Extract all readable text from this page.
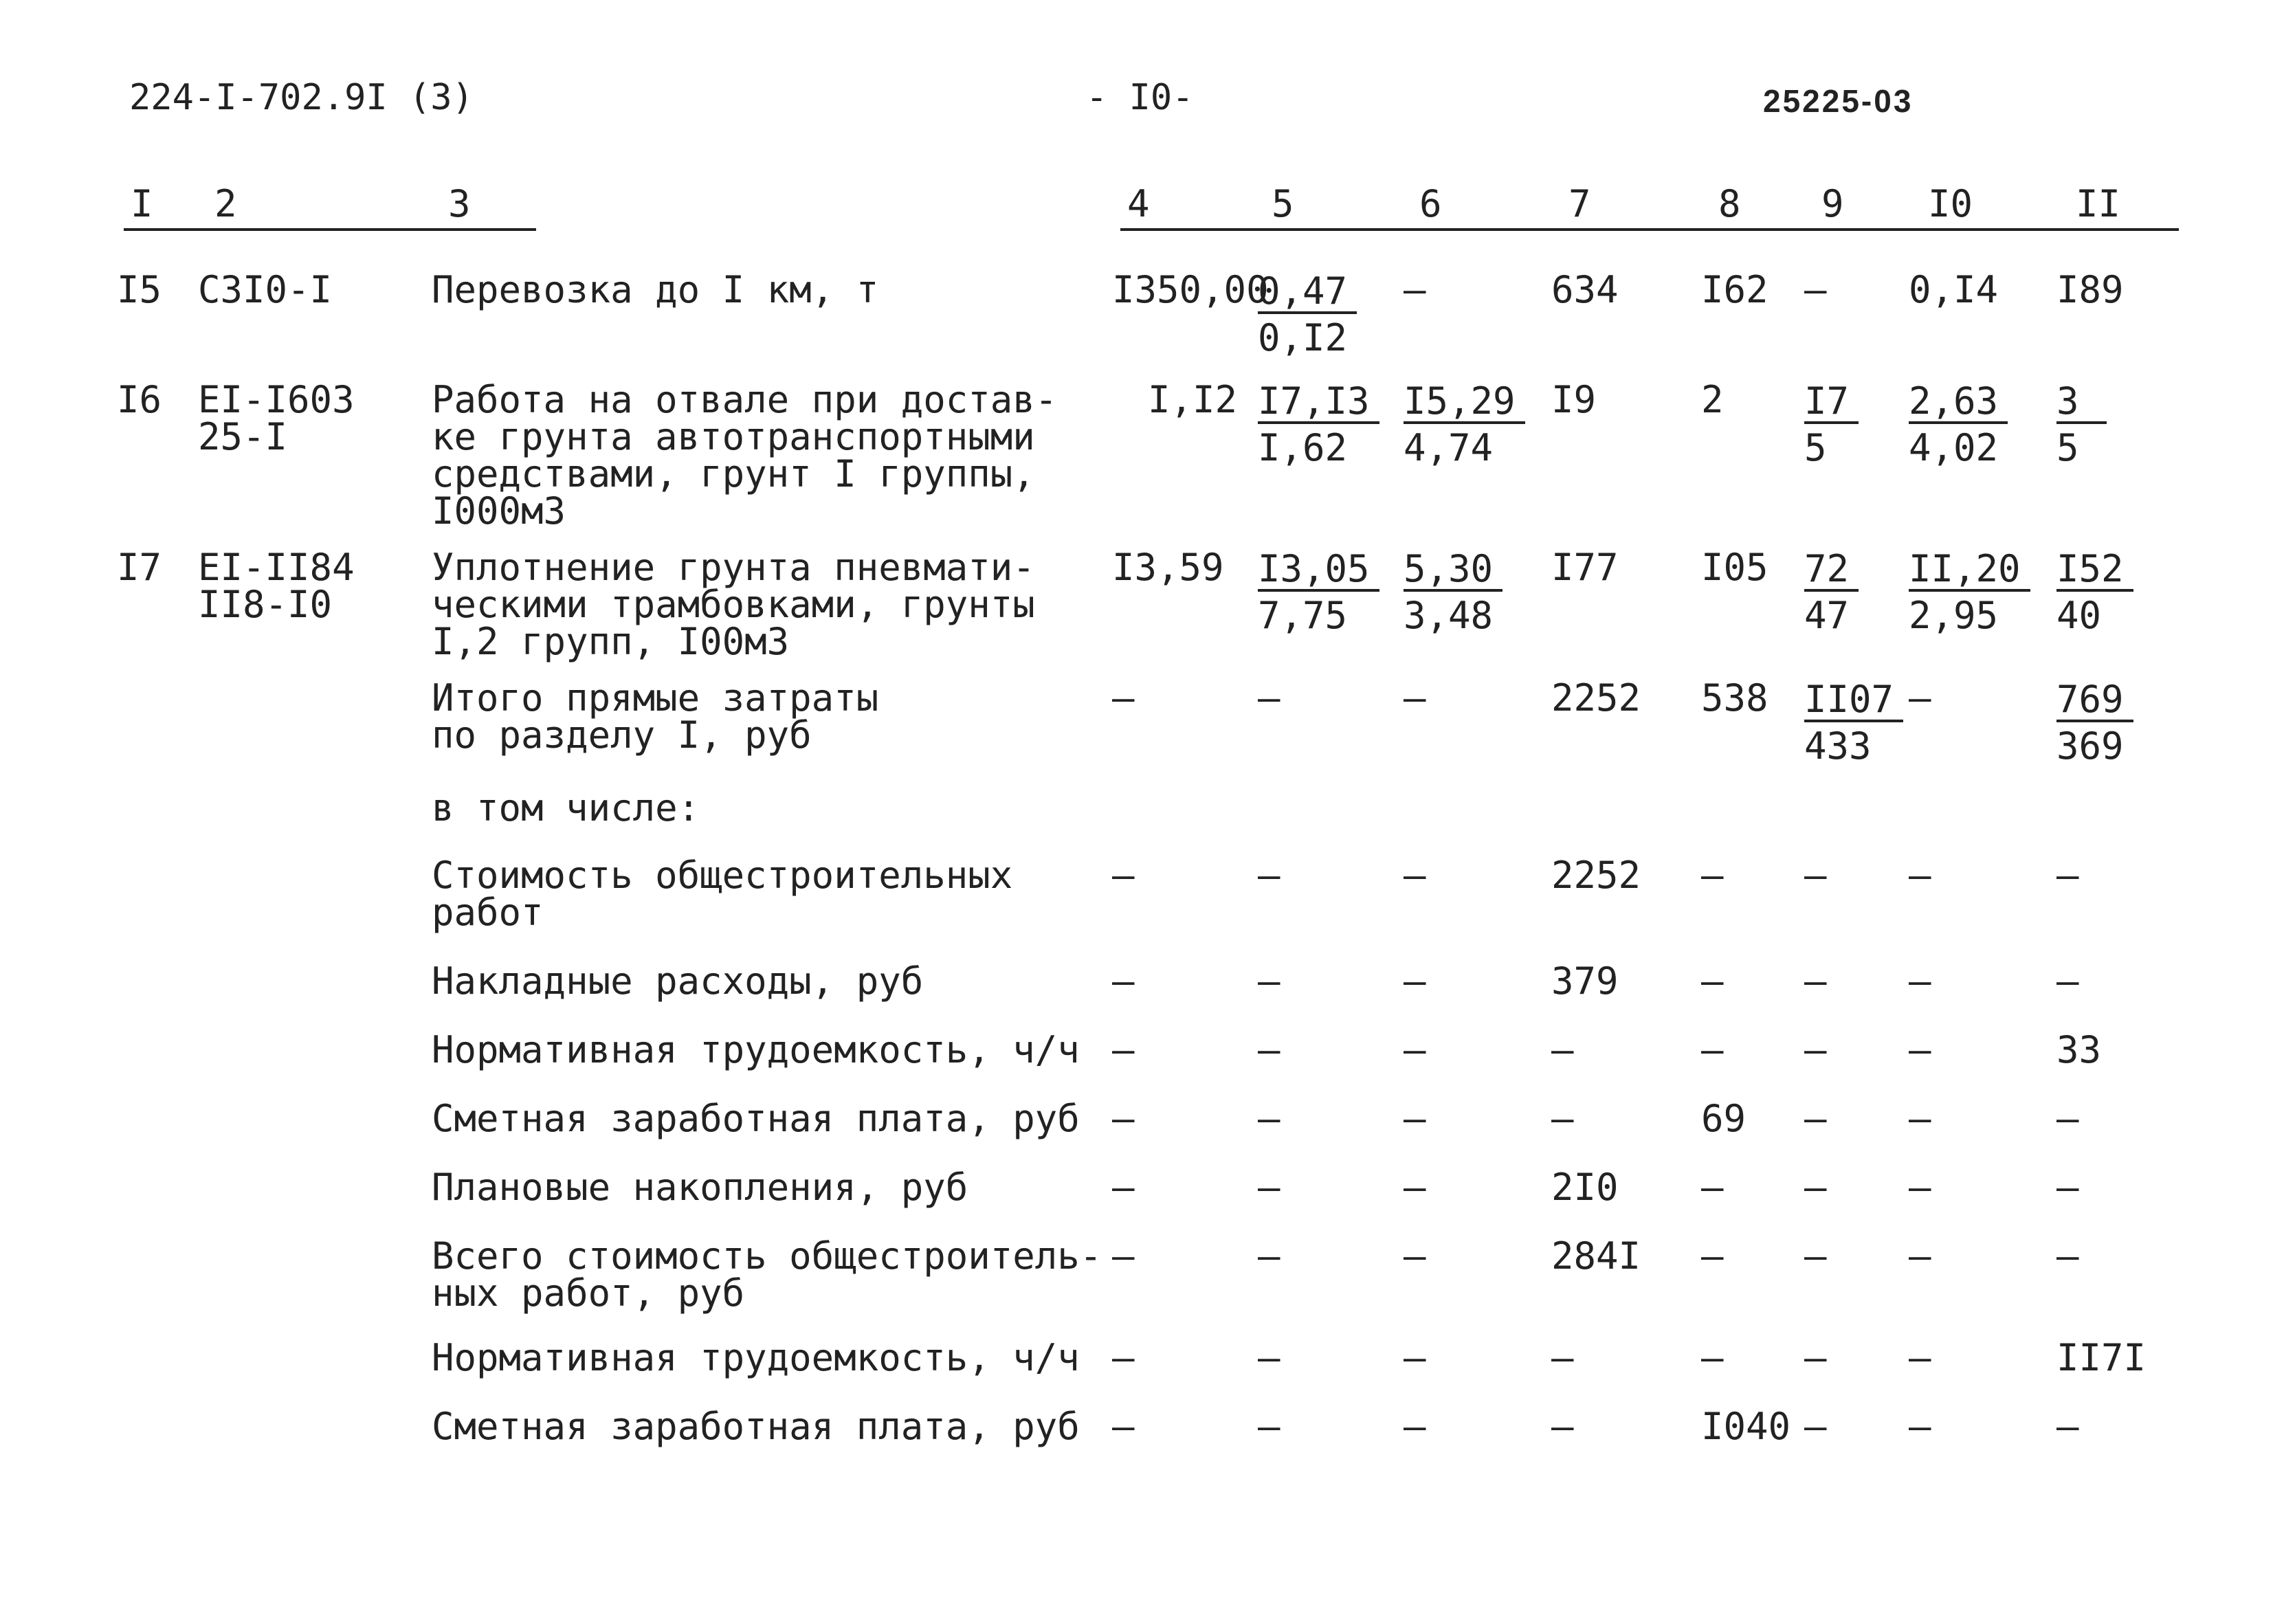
224-I-702.9I (3)	- I0-	25225-03
I 2	3	4	5	6	7	8 9 I0	II
I5	С3I0-I	Перевозка до I км, т	I350,00	$\frac{0,47}{0,I2}$	–	634	I62	–	0,I4	I89

I6	ЕI-I603 25-I	Работа на отвале при достав-ке грунта автотранспортными средствами, грунт I группы, I000м3	I,I2	$\frac{I7,I3}{I,62}$	$\frac{I5,29}{4,74}$	I9	2	$\frac{I7}{5}$	$\frac{2,63}{4,02}$	$\frac{3}{5}$

I7	ЕI-II84 II8-I0	Уплотнение грунта пневмати-ческими трамбовками, грунты I,2 групп, I00м3	I3,59	$\frac{I3,05}{7,75}$	$\frac{5,30}{3,48}$	I77	I05	$\frac{72}{47}$	$\frac{II,20}{2,95}$	$\frac{I52}{40}$

		Итого прямые затраты по разделу I, руб	–	–	–	2252	538	$\frac{II07}{433}$	–	$\frac{769}{369}$

		в том числе:								

		Стоимость общестроительных работ	–	–	–	2252	–	–	–	–

		Накладные расходы, руб	–	–	–	379	–	–	–	–

		Нормативная трудоемкость, ч/ч	–	–	–	–	–	–	–	33

		Сметная заработная плата, руб	–	–	–	–	69	–	–	–

		Плановые накопления, руб	–	–	–	2I0	–	–	–	–

		Всего стоимость общестроитель-ных работ, руб	–	–	–	284I	–	–	–	–

		Нормативная трудоемкость, ч/ч	–	–	–	–	–	–	–	II7I

		Сметная заработная плата, руб	–	–	–	–	I040	–	–	–
